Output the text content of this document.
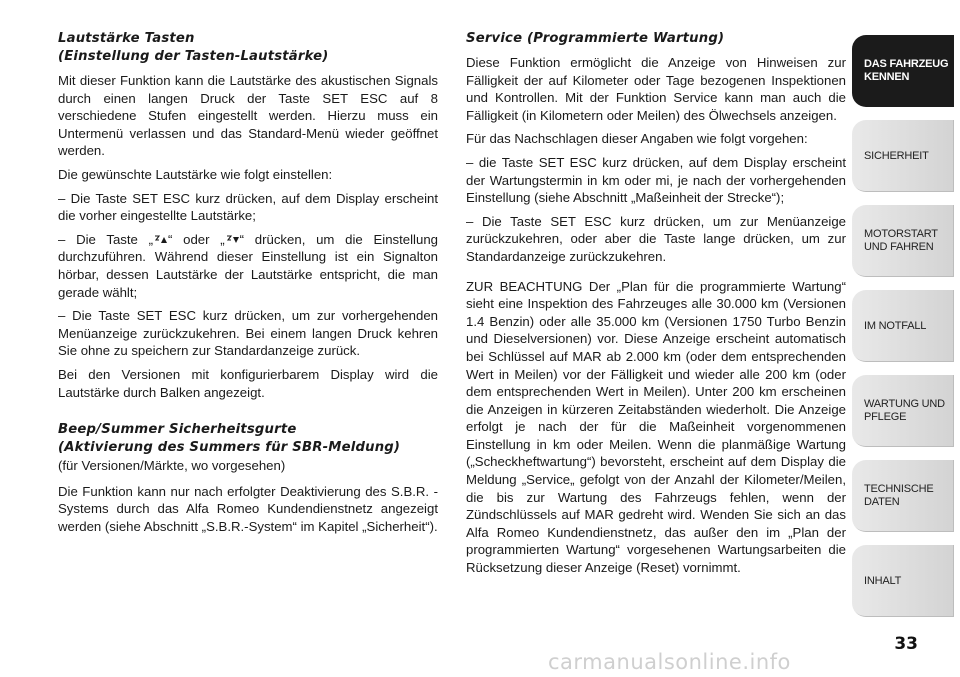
Lautstärke Tasten
(Einstellung der Tasten-Lautstärke)

Mit dieser Funktion kann die Lautstärke des akustischen Signals durch einen langen Druck der Taste SET ESC auf 8 verschiedene Stufen eingestellt werden. Hierzu muss ein Untermenü verlassen und das Standard-Menü wieder geöffnet werden.

Die gewünschte Lautstärke wie folgt einstellen:

– Die Taste SET ESC kurz drücken, auf dem Display erscheint die vorher eingestellte Lautstärke;

– Die Taste „ “ oder „ “ drücken, um die Einstellung durchzuführen. Während dieser Einstellung ist ein Signalton hörbar, dessen Lautstärke der Lautstärke entspricht, die man gerade wählt;

– Die Taste SET ESC kurz drücken, um zur vorhergehenden Menüanzeige zurückzukehren. Bei einem langen Druck kehren Sie ohne zu speichern zur Standardanzeige zurück.

Bei den Versionen mit konfigurierbarem Display wird die Lautstärke durch Balken angezeigt.

Beep/Summer Sicherheitsgurte
(Aktivierung des Summers für SBR-Meldung)
(für Versionen/Märkte, wo vorgesehen)

Die Funktion kann nur nach erfolgter Deaktivierung des S.B.R. -Systems durch das Alfa Romeo Kundendienstnetz angezeigt werden (siehe Abschnitt „S.B.R.-System“ im Kapitel „Sicherheit“).

Service (Programmierte Wartung)

Diese Funktion ermöglicht die Anzeige von Hinweisen zur Fälligkeit der auf Kilometer oder Tage bezogenen Inspektionen und Kontrollen. Mit der Funktion Service kann man auch die Fälligkeit (in Kilometern oder Meilen) des Ölwechsels anzeigen.

Für das Nachschlagen dieser Angaben wie folgt vorgehen:

– die Taste SET ESC kurz drücken, auf dem Display erscheint der Wartungstermin in km oder mi, je nach der vorhergehenden Einstellung (siehe Abschnitt „Maßeinheit der Strecke“);

– Die Taste SET ESC kurz drücken, um zur Menüanzeige zurückzukehren, oder aber die Taste lange drücken, um zur Standardanzeige zurückzukehren.

ZUR BEACHTUNG Der „Plan für die programmierte Wartung“ sieht eine Inspektion des Fahrzeuges alle 30.000 km (Versionen 1.4 Benzin) oder alle 35.000 km (Versionen 1750 Turbo Benzin und Dieselversionen) vor. Diese Anzeige erscheint automatisch bei Schlüssel auf MAR ab 2.000 km (oder dem entsprechenden Wert in Meilen) vor der Fälligkeit und wieder alle 200 km (oder dem entsprechenden Wert in Meilen). Unter 200 km erscheinen die Anzeigen in kürzeren Zeitabständen wiederholt. Die Anzeige erfolgt je nach der für die Maßeinheit vorgenommenen Einstellung in km oder Meilen. Wenn die planmäßige Wartung („Scheckheftwartung“) bevorsteht, erscheint auf dem Display die Meldung „Service„ gefolgt von der Anzahl der Kilometer/Meilen, die bis zur Wartung des Fahrzeugs fehlen, wenn der Zündschlüssels auf MAR gedreht wird. Wenden Sie sich an das Alfa Romeo Kundendienstnetz, das außer den im „Plan der programmierten Wartung“ vorgesehenen Wartungsarbeiten die Rücksetzung dieser Anzeige (Reset) vornimmt.

DAS FAHRZEUG KENNEN
SICHERHEIT
MOTORSTART UND FAHREN
IM NOTFALL
WARTUNG UND PFLEGE
TECHNISCHE DATEN
INHALT
33
carmanualsonline.info
